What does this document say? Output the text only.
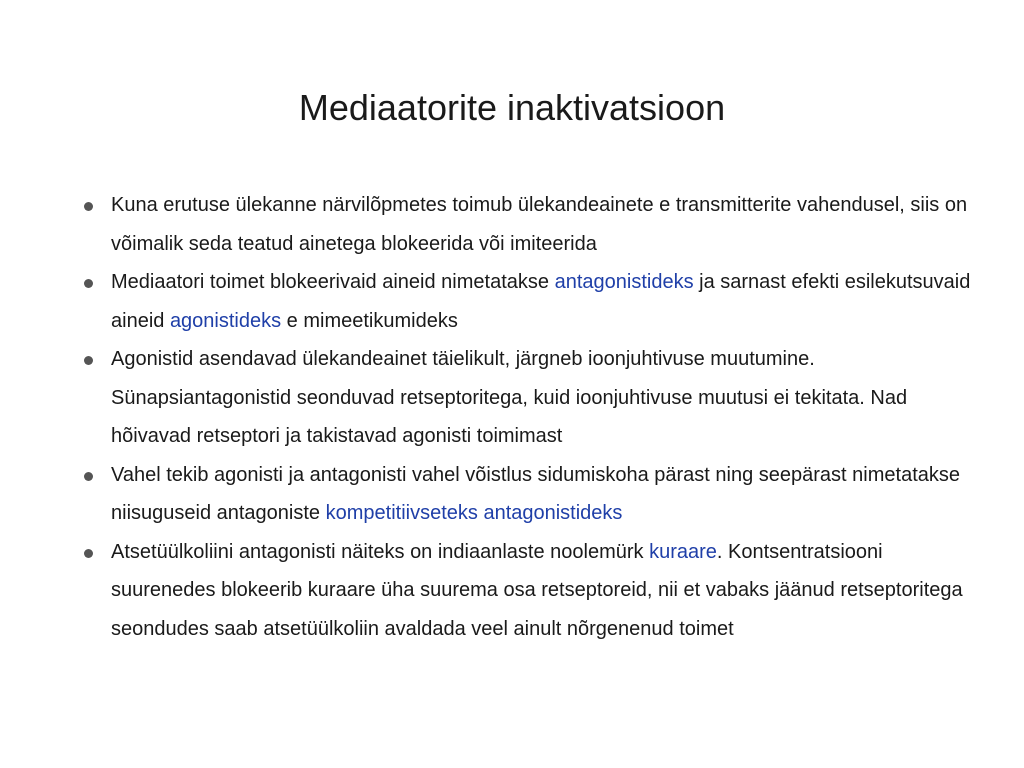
Mediaatorite inaktivatsioon
Kuna erutuse ülekanne närvilõpmetes toimub ülekandeainete e transmitterite vahendusel, siis on võimalik seda teatud ainetega blokeerida või imiteerida
Mediaatori toimet blokeerivaid aineid nimetatakse antagonistideks ja sarnast efekti esilekutsuvaid aineid agonistideks e mimeetikumideks
Agonistid asendavad ülekandeainet täielikult, järgneb ioonjuhtivuse muutumine. Sünapsiantagonistid seonduvad retseptoritega, kuid ioonjuhtivuse muutusi ei tekitata. Nad hõivavad retseptori ja takistavad agonisti toimimast
Vahel tekib agonisti ja antagonisti vahel võistlus sidumiskoha pärast ning seepärast nimetatakse niisuguseid antagoniste kompetitiivseteks antagonistideks
Atsetüülkoliini antagonisti näiteks on indiaanlaste noolemürk kuraare. Kontsentratsiooni suurenedes blokeerib kuraare üha suurema osa retseptoreid, nii et vabaks jäänud retseptoritega seondudes saab atsetüülkoliin avaldada veel ainult nõrgenenud toimet
